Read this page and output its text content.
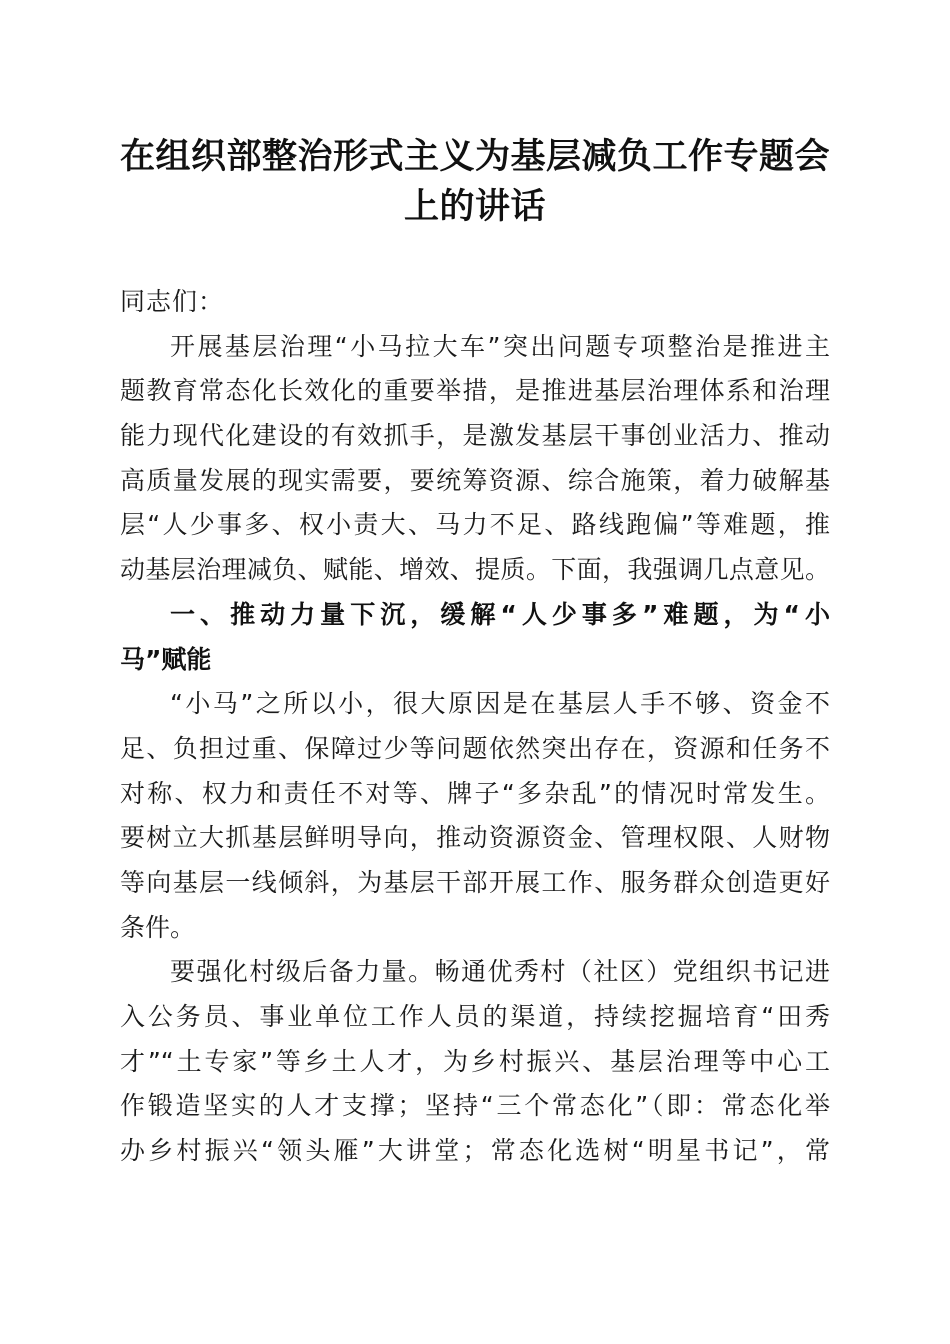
在组织部整治形式主义为基层减负工作专题会
上的讲话
同志们：
开展基层治理“小马拉大车”突出问题专项整治是推进主
题教育常态化长效化的重要举措，是推进基层治理体系和治理
能力现代化建设的有效抓手，是激发基层干事创业活力、推动
高质量发展的现实需要，要统筹资源、综合施策，着力破解基
层“人少事多、权小责大、马力不足、路线跑偏”等难题，推
动基层治理减负、赋能、增效、提质。下面，我强调几点意见。
一、推动力量下沉，缓解“人少事多”难题，为“小
马”赋能
“小马”之所以小，很大原因是在基层人手不够、资金不
足、负担过重、保障过少等问题依然突出存在，资源和任务不
对称、权力和责任不对等、牌子“多杂乱”的情况时常发生。
要树立大抓基层鲜明导向，推动资源资金、管理权限、人财物
等向基层一线倾斜，为基层干部开展工作、服务群众创造更好
条件。
要强化村级后备力量。畅通优秀村（社区）党组织书记进
入公务员、事业单位工作人员的渠道，持续挖掘培育“田秀
才”“土专家”等乡土人才，为乡村振兴、基层治理等中心工
作锻造坚实的人才支撑；坚持“三个常态化”（即：常态化举
办乡村振兴“领头雁”大讲堂；常态化选树“明星书记”，常
